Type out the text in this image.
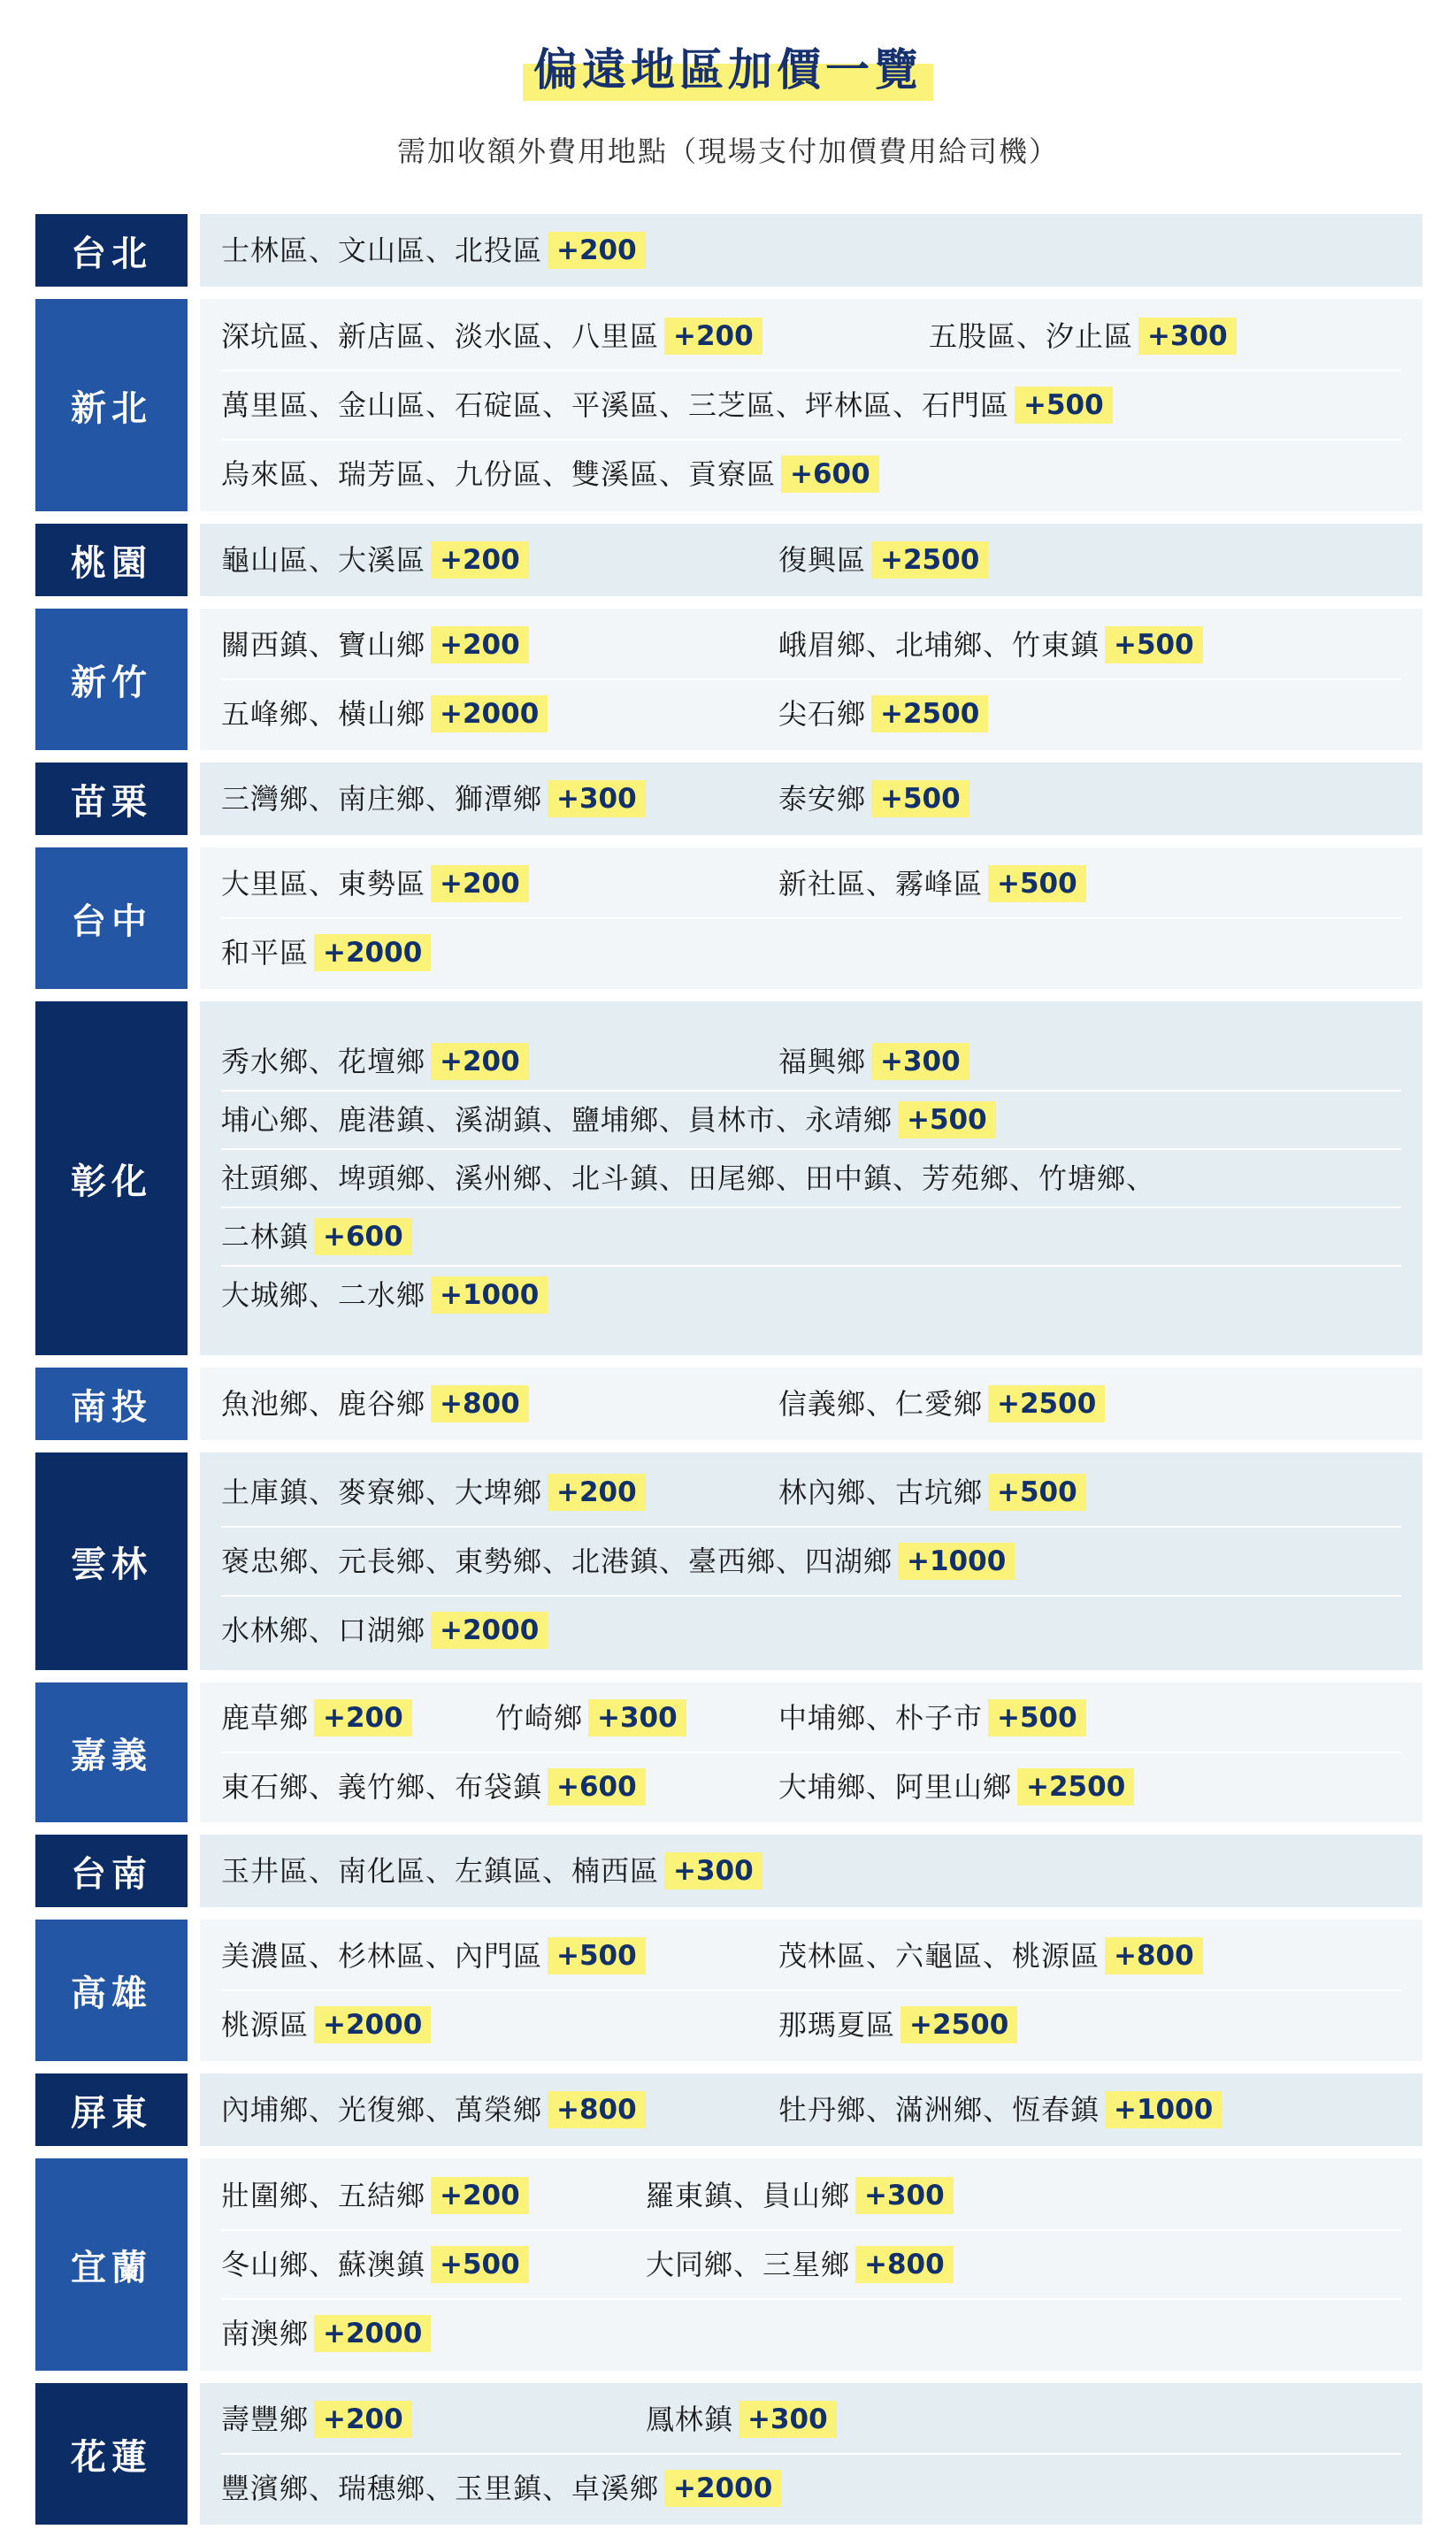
偏遠地區加價一覽
需加收額外費用地點（現場支付加價費用給司機）
台北	士林區、文山區、北投區 +200
新北
深坑區、新店區、淡水區、八里區 +200	五股區、汐止區 +300
萬里區、金山區、石碇區、平溪區、三芝區、坪林區、石門區 +500
烏來區、瑞芳區、九份區、雙溪區、貢寮區 +600
桃園	龜山區、大溪區 +200	復興區 +2500
新竹
關西鎮、寶山鄉 +200	峨眉鄉、北埔鄉、竹東鎮 +500
五峰鄉、橫山鄉 +2000	尖石鄉 +2500
苗栗	三灣鄉、南庄鄉、獅潭鄉 +300	泰安鄉 +500
台中
大里區、東勢區 +200	新社區、霧峰區 +500
和平區 +2000
彰化
秀水鄉、花壇鄉 +200	福興鄉 +300
埔心鄉、鹿港鎮、溪湖鎮、鹽埔鄉、員林市、永靖鄉 +500
社頭鄉、埤頭鄉、溪州鄉、北斗鎮、田尾鄉、田中鎮、芳苑鄉、竹塘鄉、
二林鎮 +600
大城鄉、二水鄉 +1000
南投	魚池鄉、鹿谷鄉 +800	信義鄉、仁愛鄉 +2500
雲林
土庫鎮、麥寮鄉、大埤鄉 +200	林內鄉、古坑鄉 +500
褒忠鄉、元長鄉、東勢鄉、北港鎮、臺西鄉、四湖鄉 +1000
水林鄉、口湖鄉 +2000
嘉義
鹿草鄉 +200	竹崎鄉 +300	中埔鄉、朴子市 +500
東石鄉、義竹鄉、布袋鎮 +600	大埔鄉、阿里山鄉 +2500
台南	玉井區、南化區、左鎮區、楠西區 +300
高雄
美濃區、杉林區、內門區 +500	茂林區、六龜區、桃源區 +800
桃源區 +2000	那瑪夏區 +2500
屏東	內埔鄉、光復鄉、萬榮鄉 +800	牡丹鄉、滿洲鄉、恆春鎮 +1000
宜蘭
壯圍鄉、五結鄉 +200	羅東鎮、員山鄉 +300
冬山鄉、蘇澳鎮 +500	大同鄉、三星鄉 +800
南澳鄉 +2000
花蓮
壽豐鄉 +200	鳳林鎮 +300
豐濱鄉、瑞穗鄉、玉里鎮、卓溪鄉 +2000
